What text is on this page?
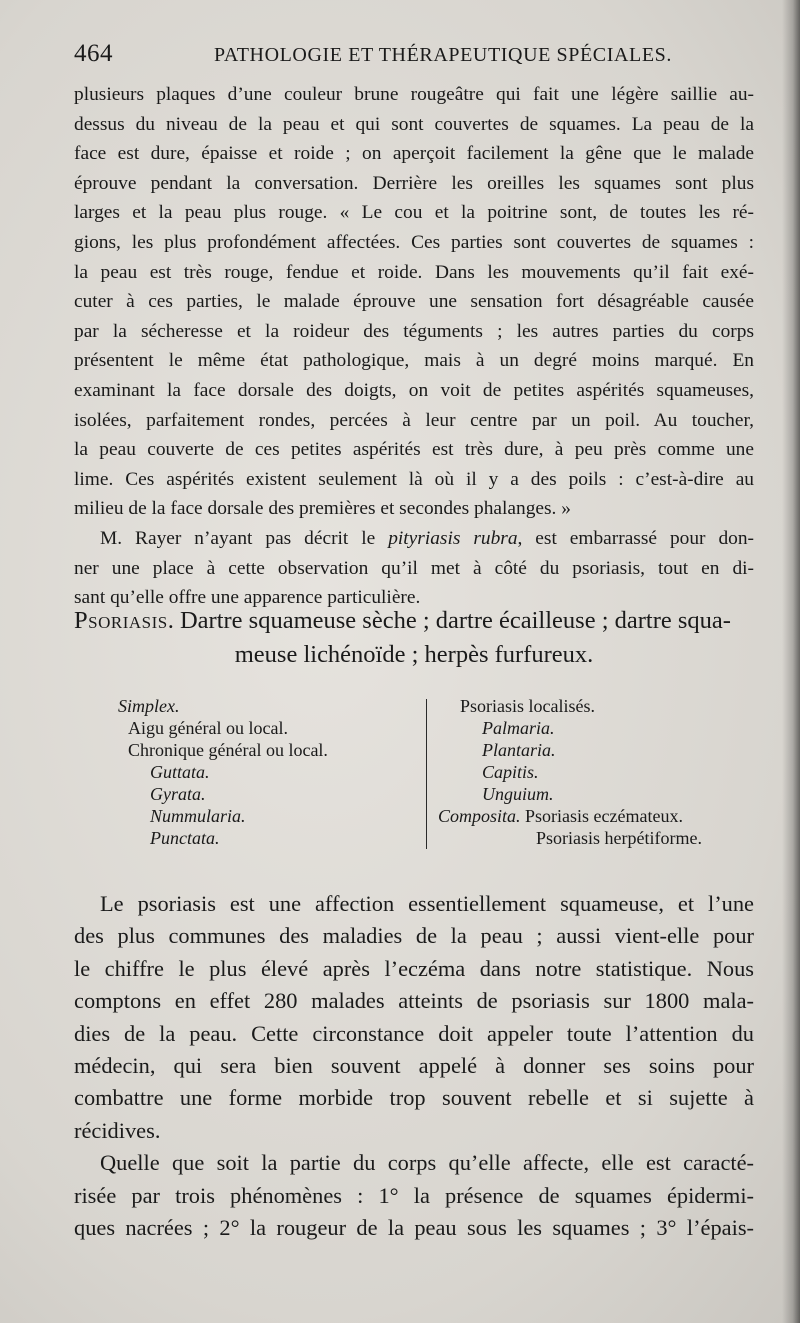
464	PATHOLOGIE ET THÉRAPEUTIQUE SPÉCIALES.
plusieurs plaques d’une couleur brune rougeâtre qui fait une légère saillie au-
dessus du niveau de la peau et qui sont couvertes de squames. La peau de la
face est dure, épaisse et roide ; on aperçoit facilement la gêne que le malade
éprouve pendant la conversation. Derrière les oreilles les squames sont plus
larges et la peau plus rouge. « Le cou et la poitrine sont, de toutes les ré-
gions, les plus profondément affectées. Ces parties sont couvertes de squames :
la peau est très rouge, fendue et roide. Dans les mouvements qu’il fait exé-
cuter à ces parties, le malade éprouve une sensation fort désagréable causée
par la sécheresse et la roideur des téguments ; les autres parties du corps
présentent le même état pathologique, mais à un degré moins marqué. En
examinant la face dorsale des doigts, on voit de petites aspérités squameuses,
isolées, parfaitement rondes, percées à leur centre par un poil. Au toucher,
la peau couverte de ces petites aspérités est très dure, à peu près comme une
lime. Ces aspérités existent seulement là où il y a des poils : c’est-à-dire au
milieu de la face dorsale des premières et secondes phalanges. »
M. Rayer n’ayant pas décrit le pityriasis rubra, est embarrassé pour don-
ner une place à cette observation qu’il met à côté du psoriasis, tout en di-
sant qu’elle offre une apparence particulière.
Psoriasis. Dartre squameuse sèche ; dartre écailleuse ; dartre squa-
meuse lichénoïde ; herpès furfureux.
Simplex.
Aigu général ou local.
Chronique général ou local.
Guttata.
Gyrata.
Nummularia.
Punctata.
Psoriasis localisés.
Palmaria.
Plantaria.
Capitis.
Unguium.
Composita. Psoriasis eczémateux.
Psoriasis herpétiforme.
Le psoriasis est une affection essentiellement squameuse, et l’une
des plus communes des maladies de la peau ; aussi vient-elle pour
le chiffre le plus élevé après l’eczéma dans notre statistique. Nous
comptons en effet 280 malades atteints de psoriasis sur 1800 mala-
dies de la peau. Cette circonstance doit appeler toute l’attention du
médecin, qui sera bien souvent appelé à donner ses soins pour
combattre une forme morbide trop souvent rebelle et si sujette à
récidives.
Quelle que soit la partie du corps qu’elle affecte, elle est caracté-
risée par trois phénomènes : 1° la présence de squames épidermi-
ques nacrées ; 2° la rougeur de la peau sous les squames ; 3° l’épais-
